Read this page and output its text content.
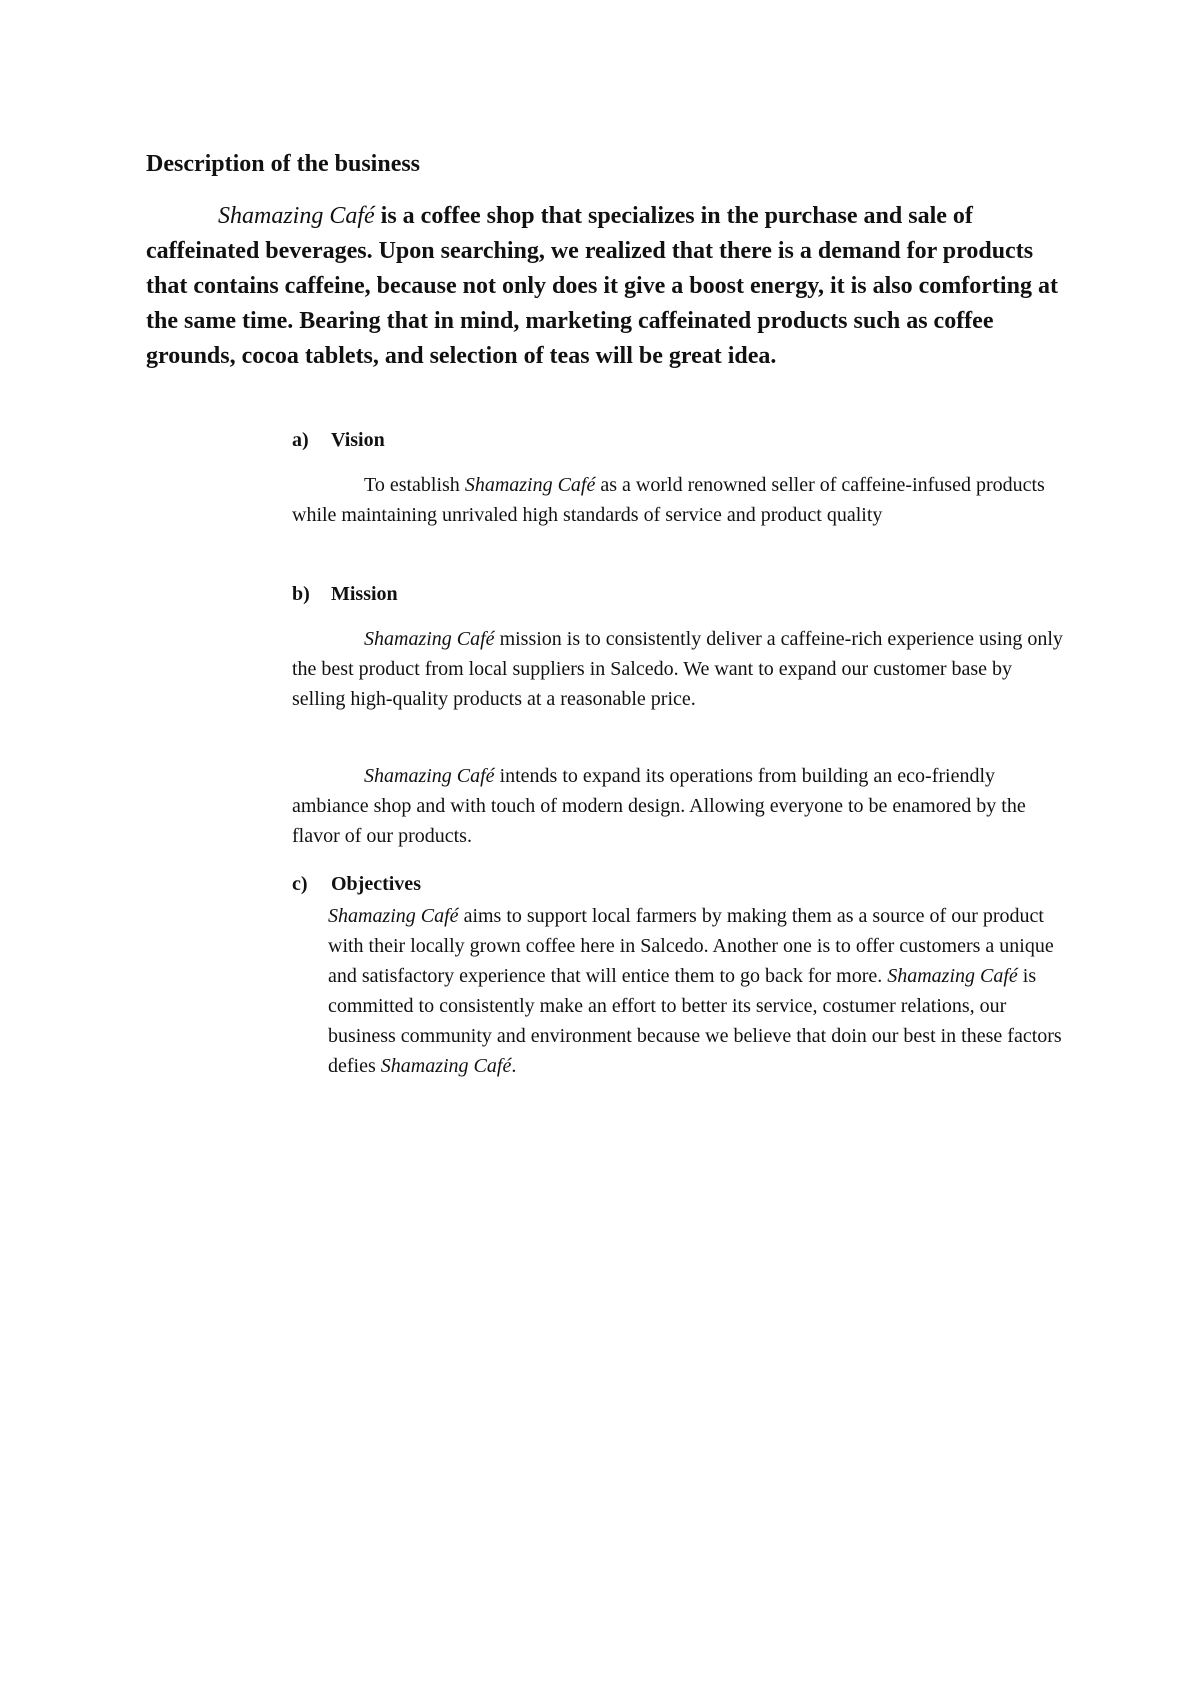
Description of the business

Shamazing Café is a coffee shop that specializes in the purchase and sale of caffeinated beverages. Upon searching, we realized that there is a demand for products that contains caffeine, because not only does it give a boost energy, it is also comforting at the same time. Bearing that in mind, marketing caffeinated products such as coffee grounds, cocoa tablets, and selection of teas will be great idea.

a) Vision

To establish Shamazing Café as a world renowned seller of caffeine-infused products while maintaining unrivaled high standards of service and product quality

b) Mission

Shamazing Café mission is to consistently deliver a caffeine-rich experience using only the best product from local suppliers in Salcedo. We want to expand our customer base by selling high-quality products at a reasonable price.

Shamazing Café intends to expand its operations from building an eco-friendly ambiance shop and with touch of modern design. Allowing everyone to be enamored by the flavor of our products.

c) Objectives

Shamazing Café aims to support local farmers by making them as a source of our product with their locally grown coffee here in Salcedo. Another one is to offer customers a unique and satisfactory experience that will entice them to go back for more. Shamazing Café is committed to consistently make an effort to better its service, costumer relations, our business community and environment because we believe that doin our best in these factors defies Shamazing Café.
